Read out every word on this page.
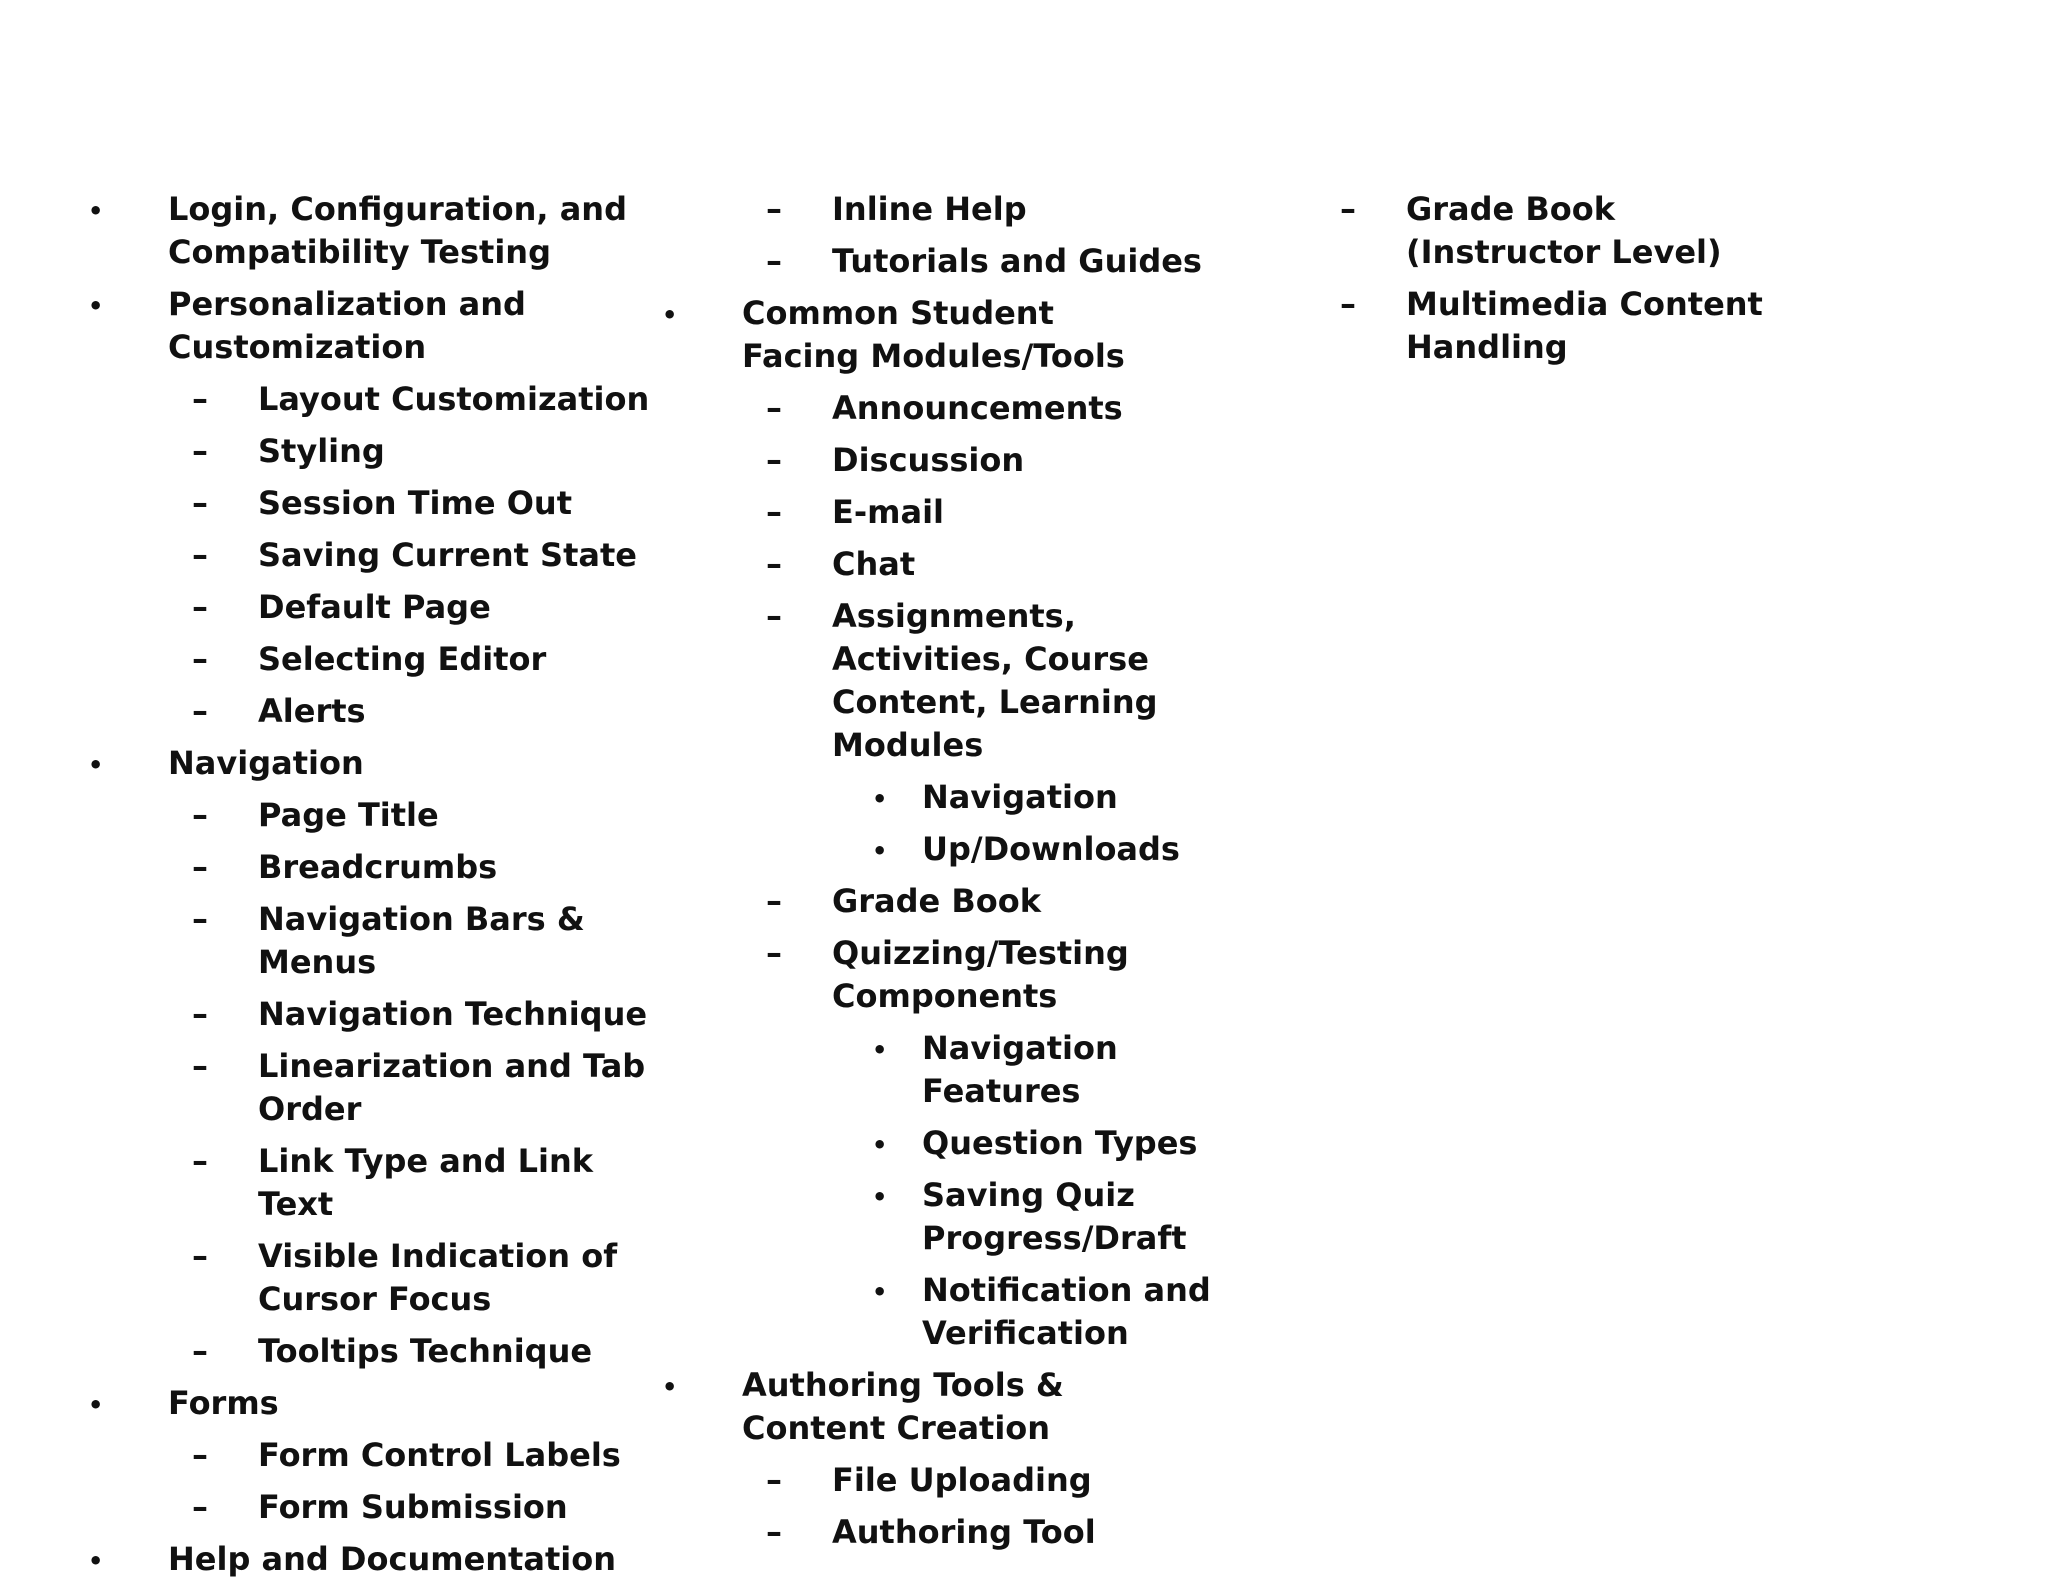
• Login, Configuration, and Compatibility Testing
• Personalization and Customization
– Layout Customization
– Styling
– Session Time Out
– Saving Current State
– Default Page
– Selecting Editor
– Alerts
• Navigation
– Page Title
– Breadcrumbs
– Navigation Bars & Menus
– Navigation Technique
– Linearization and Tab Order
– Link Type and Link Text
– Visible Indication of Cursor Focus
– Tooltips Technique
• Forms
– Form Control Labels
– Form Submission
• Help and Documentation
– Inline Help
– Tutorials and Guides
• Common Student Facing Modules/Tools
– Announcements
– Discussion
– E-mail
– Chat
– Assignments, Activities, Course Content, Learning Modules
• Navigation
• Up/Downloads
– Grade Book
– Quizzing/Testing Components
• Navigation Features
• Question Types
• Saving Quiz Progress/Draft
• Notification and Verification
• Authoring Tools & Content Creation
– File Uploading
– Authoring Tool
– Grade Book (Instructor Level)
– Multimedia Content Handling
